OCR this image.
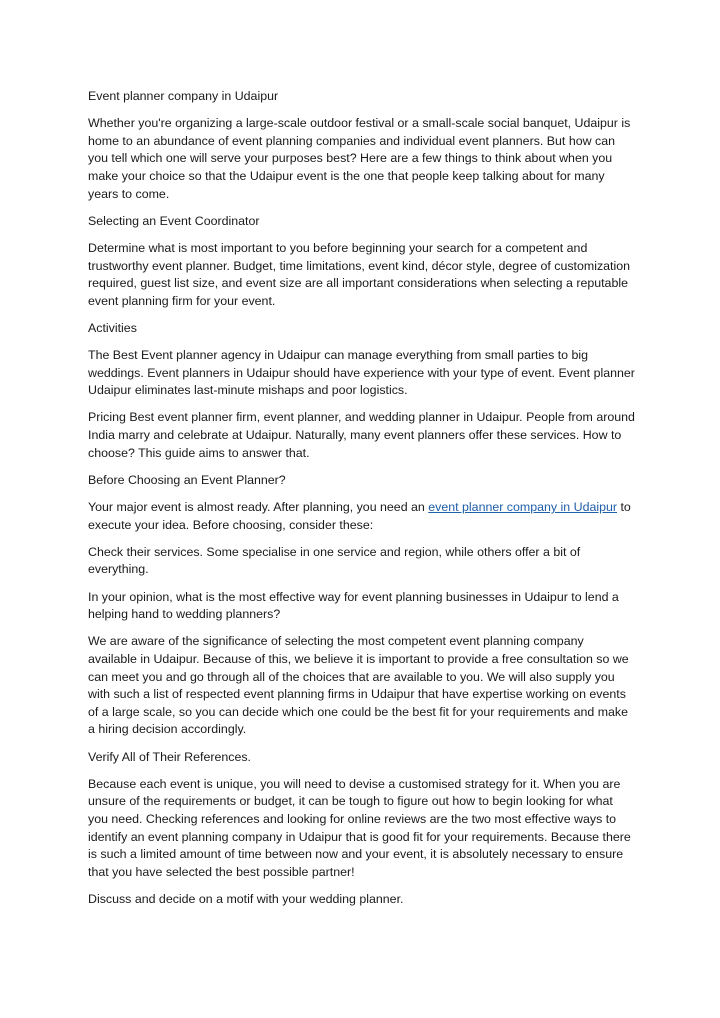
Event planner company in Udaipur

Whether you're organizing a large-scale outdoor festival or a small-scale social banquet, Udaipur is home to an abundance of event planning companies and individual event planners. But how can you tell which one will serve your purposes best? Here are a few things to think about when you make your choice so that the Udaipur event is the one that people keep talking about for many years to come.

Selecting an Event Coordinator

Determine what is most important to you before beginning your search for a competent and trustworthy event planner. Budget, time limitations, event kind, décor style, degree of customization required, guest list size, and event size are all important considerations when selecting a reputable event planning firm for your event.

Activities

The Best Event planner agency in Udaipur can manage everything from small parties to big weddings. Event planners in Udaipur should have experience with your type of event. Event planner Udaipur eliminates last-minute mishaps and poor logistics.

Pricing Best event planner firm, event planner, and wedding planner in Udaipur. People from around India marry and celebrate at Udaipur. Naturally, many event planners offer these services. How to choose? This guide aims to answer that.

Before Choosing an Event Planner?

Your major event is almost ready. After planning, you need an event planner company in Udaipur to execute your idea. Before choosing, consider these:

Check their services. Some specialise in one service and region, while others offer a bit of everything.

In your opinion, what is the most effective way for event planning businesses in Udaipur to lend a helping hand to wedding planners?

We are aware of the significance of selecting the most competent event planning company available in Udaipur. Because of this, we believe it is important to provide a free consultation so we can meet you and go through all of the choices that are available to you. We will also supply you with such a list of respected event planning firms in Udaipur that have expertise working on events of a large scale, so you can decide which one could be the best fit for your requirements and make a hiring decision accordingly.

Verify All of Their References.

Because each event is unique, you will need to devise a customised strategy for it. When you are unsure of the requirements or budget, it can be tough to figure out how to begin looking for what you need. Checking references and looking for online reviews are the two most effective ways to identify an event planning company in Udaipur that is good fit for your requirements. Because there is such a limited amount of time between now and your event, it is absolutely necessary to ensure that you have selected the best possible partner!

Discuss and decide on a motif with your wedding planner.
